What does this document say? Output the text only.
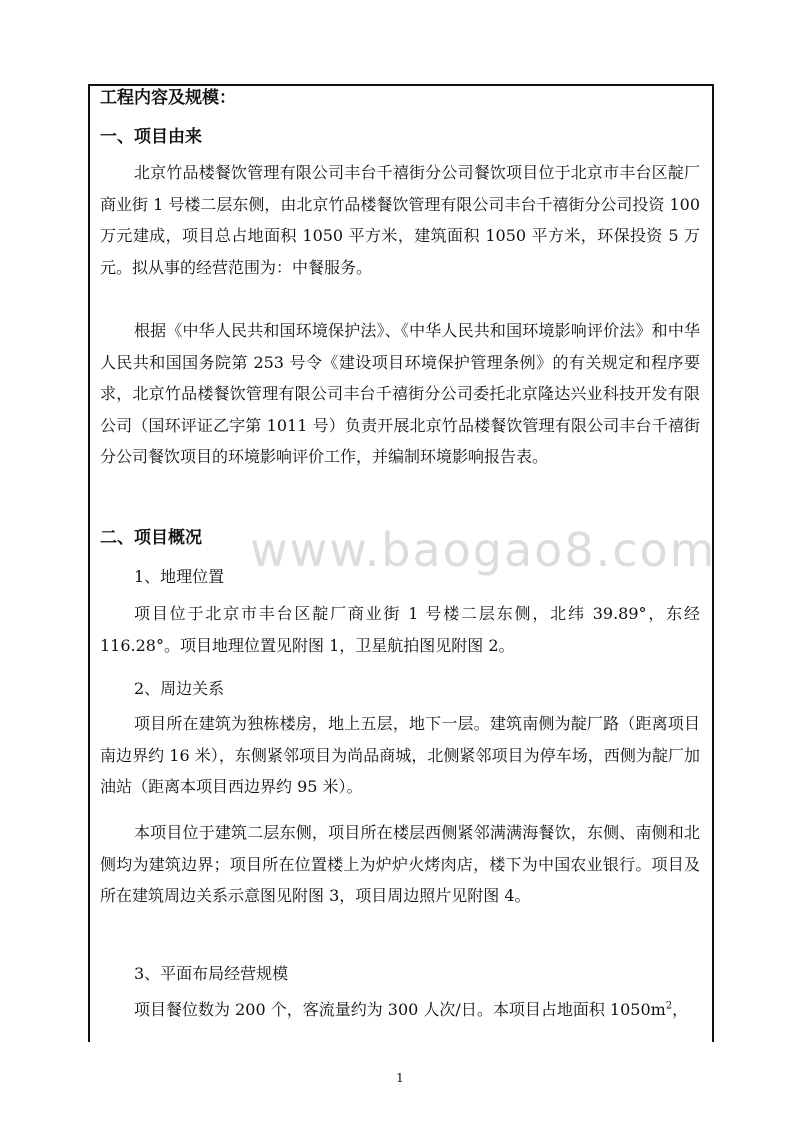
www.baogao8.com
工程内容及规模：
一、项目由来

北京竹品楼餐饮管理有限公司丰台千禧街分公司餐饮项目位于北京市丰台区靛厂商业街 1 号楼二层东侧，由北京竹品楼餐饮管理有限公司丰台千禧街分公司投资 100 万元建成，项目总占地面积 1050 平方米，建筑面积 1050 平方米，环保投资 5 万元。拟从事的经营范围为：中餐服务。

根据《中华人民共和国环境保护法》、《中华人民共和国环境影响评价法》和中华人民共和国国务院第 253 号令《建设项目环境保护管理条例》的有关规定和程序要求，北京竹品楼餐饮管理有限公司丰台千禧街分公司委托北京隆达兴业科技开发有限公司（国环评证乙字第 1011 号）负责开展北京竹品楼餐饮管理有限公司丰台千禧街分公司餐饮项目的环境影响评价工作，并编制环境影响报告表。

二、项目概况
1、地理位置

项目位于北京市丰台区靛厂商业街 1 号楼二层东侧，北纬 39.89°，东经 116.28°。项目地理位置见附图 1，卫星航拍图见附图 2。

2、周边关系

项目所在建筑为独栋楼房，地上五层，地下一层。建筑南侧为靛厂路（距离项目南边界约 16 米），东侧紧邻项目为尚品商城，北侧紧邻项目为停车场，西侧为靛厂加油站（距离本项目西边界约 95 米）。

本项目位于建筑二层东侧，项目所在楼层西侧紧邻满满海餐饮，东侧、南侧和北侧均为建筑边界；项目所在位置楼上为炉炉火烤肉店，楼下为中国农业银行。项目及所在建筑周边关系示意图见附图 3，项目周边照片见附图 4。

3、平面布局经营规模

项目餐位数为 200 个，客流量约为 300 人次/日。本项目占地面积 $1050m^2$，

1
